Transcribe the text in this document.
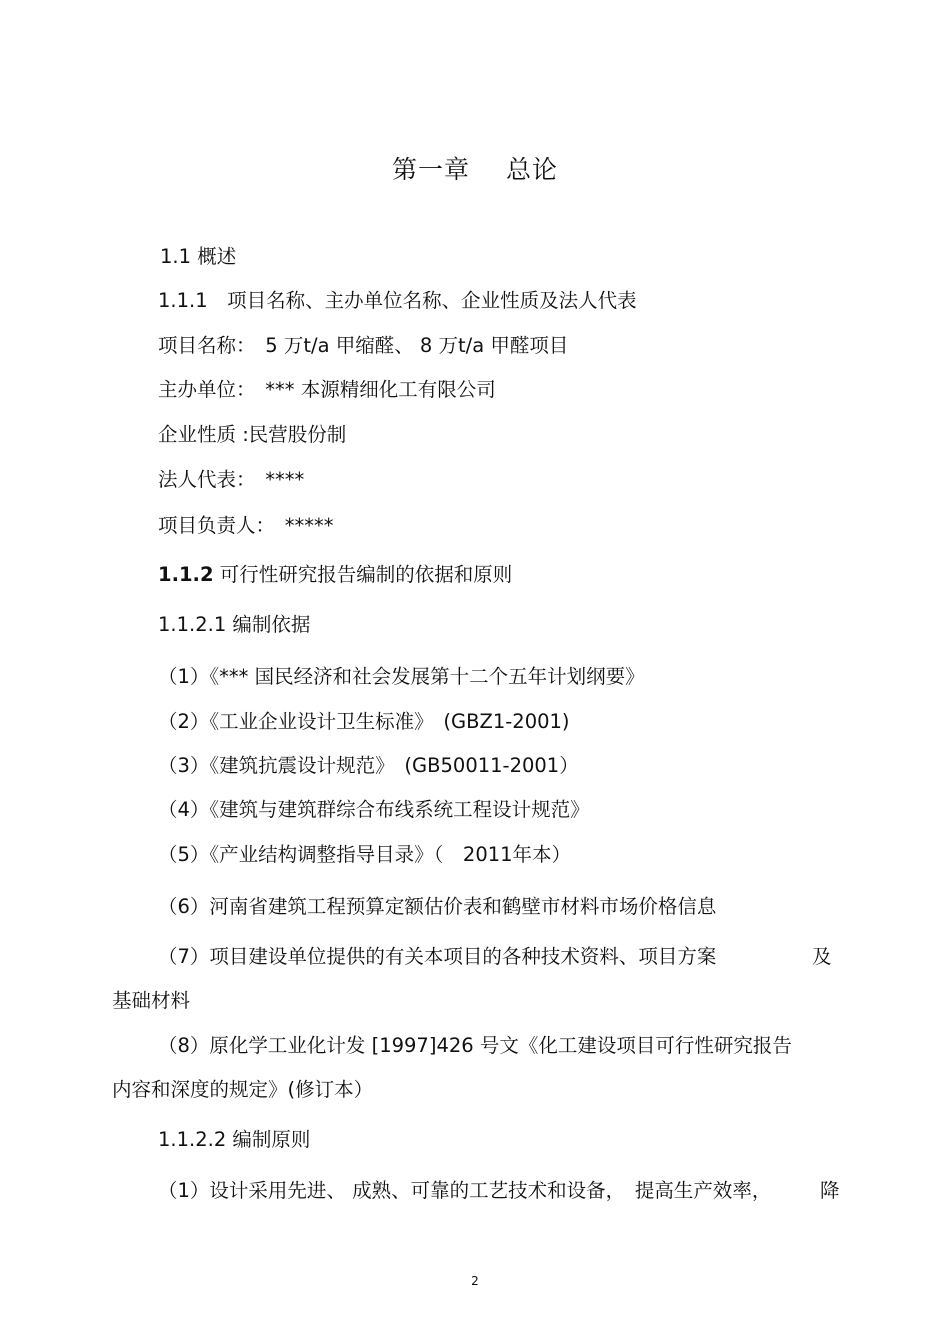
第一章 总论
1.1 概述
1.1.1　项目名称、主办单位名称、企业性质及法人代表
项目名称：　5 万t/a 甲缩醛、 8 万t/a 甲醛项目
主办单位：　*** 本源精细化工有限公司
企业性质 :民营股份制
法人代表：　****
项目负责人：　*****
1.1.2 可行性研究报告编制的依据和原则
1.1.2.1 编制依据
（1）《*** 国民经济和社会发展第十二个五年计划纲要》
（2）《工业企业设计卫生标准》　(GBZ1-2001)
（3）《建筑抗震设计规范》　(GB50011-2001）
（4）《建筑与建筑群综合布线系统工程设计规范》
（5）《产业结构调整指导目录》（　2011年本）
（6）河南省建筑工程预算定额估价表和鹤壁市材料市场价格信息
（7）项目建设单位提供的有关本项目的各种技术资料、项目方案	及
基础材料
（8）原化学工业化计发 [1997]426 号文《化工建设项目可行性研究报告
内容和深度的规定》(修订本）
1.1.2.2 编制原则
（1）设计采用先进、 成熟、可靠的工艺技术和设备，　提高生产效率， 降
2
